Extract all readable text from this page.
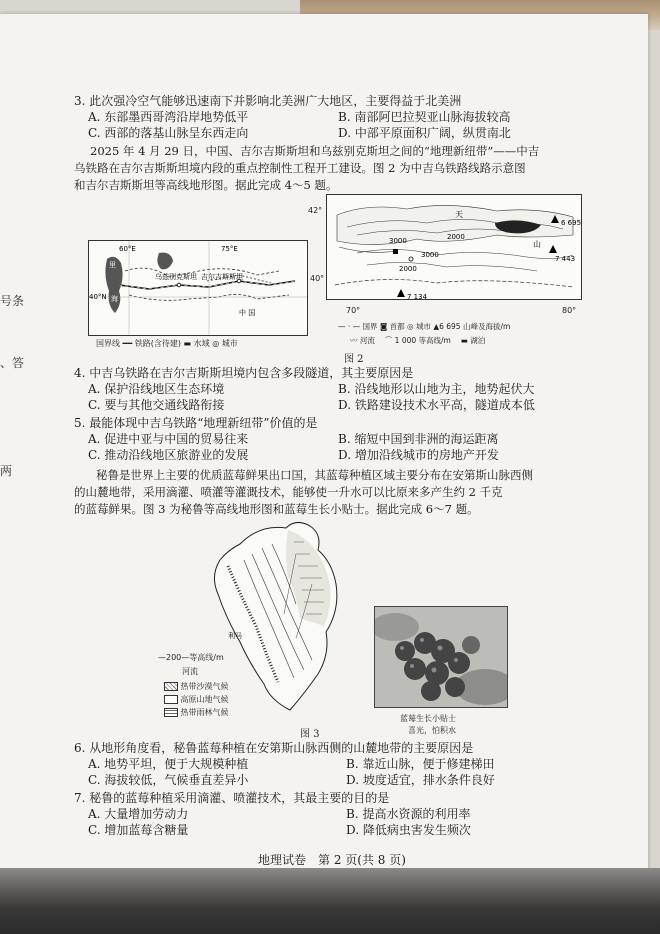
号条
、答
两
3. 此次强冷空气能够迅速南下并影响北美洲广大地区，主要得益于北美洲
A. 东部墨西哥湾沿岸地势低平	B. 南部阿巴拉契亚山脉海拔较高
C. 西部的落基山脉呈东西走向	D. 中部平原面积广阔，纵贯南北
2025 年 4 月 29 日，中国、吉尔吉斯斯坦和乌兹别克斯坦之间的“地理新纽带”——中吉
乌铁路在吉尔吉斯斯坦境内段的重点控制性工程开工建设。图 2 为中吉乌铁路线路示意图
和吉尔吉斯斯坦等高线地形图。据此完成 4～5 题。
60°E	75°E
40°N
乌兹别克斯坦 吉尔吉斯斯坦
中 国
里
海
国界线 ━━ 铁路(含待建) ▬ 水域 ◎ 城市
3000
3000
2000
2000
6 695
7 443
7 134
天
山
42°
40°
70°	80°
— · — 国界 ◙ 首都 ◎ 城市 ▲6 695 山峰及海拔/m
〰 河流 　⌒ 1 000 等高线/m 　▬ 湖泊
图 2
4. 中吉乌铁路在吉尔吉斯斯坦境内包含多段隧道，其主要原因是
A. 保护沿线地区生态环境	B. 沿线地形以山地为主，地势起伏大
C. 要与其他交通线路衔接	D. 铁路建设技术水平高，隧道成本低
5. 最能体现中吉乌铁路“地理新纽带”价值的是
A. 促进中亚与中国的贸易往来	B. 缩短中国到非洲的海运距离
C. 推动沿线地区旅游业的发展	D. 增加沿线城市的房地产开发
秘鲁是世界上主要的优质蓝莓鲜果出口国，其蓝莓种植区域主要分布在安第斯山脉西侧
的山麓地带，采用滴灌、喷灌等灌溉技术，能够使一升水可以比原来多产生约 2 千克
的蓝莓鲜果。图 3 为秘鲁等高线地形图和蓝莓生长小贴士。据此完成 6～7 题。
利马
—200—等高线/m
河流
热带沙漠气候
高原山地气候
热带雨林气候
蓝莓生长小贴士
喜光，怕积水
图 3
6. 从地形角度看，秘鲁蓝莓种植在安第斯山脉西侧的山麓地带的主要原因是
A. 地势平坦，便于大规模种植	B. 靠近山脉，便于修建梯田
C. 海拔较低，气候垂直差异小	D. 坡度适宜，排水条件良好
7. 秘鲁的蓝莓种植采用滴灌、喷灌技术，其最主要的目的是
A. 大量增加劳动力	B. 提高水资源的利用率
C. 增加蓝莓含糖量	D. 降低病虫害发生频次
地理试卷　第 2 页(共 8 页)
